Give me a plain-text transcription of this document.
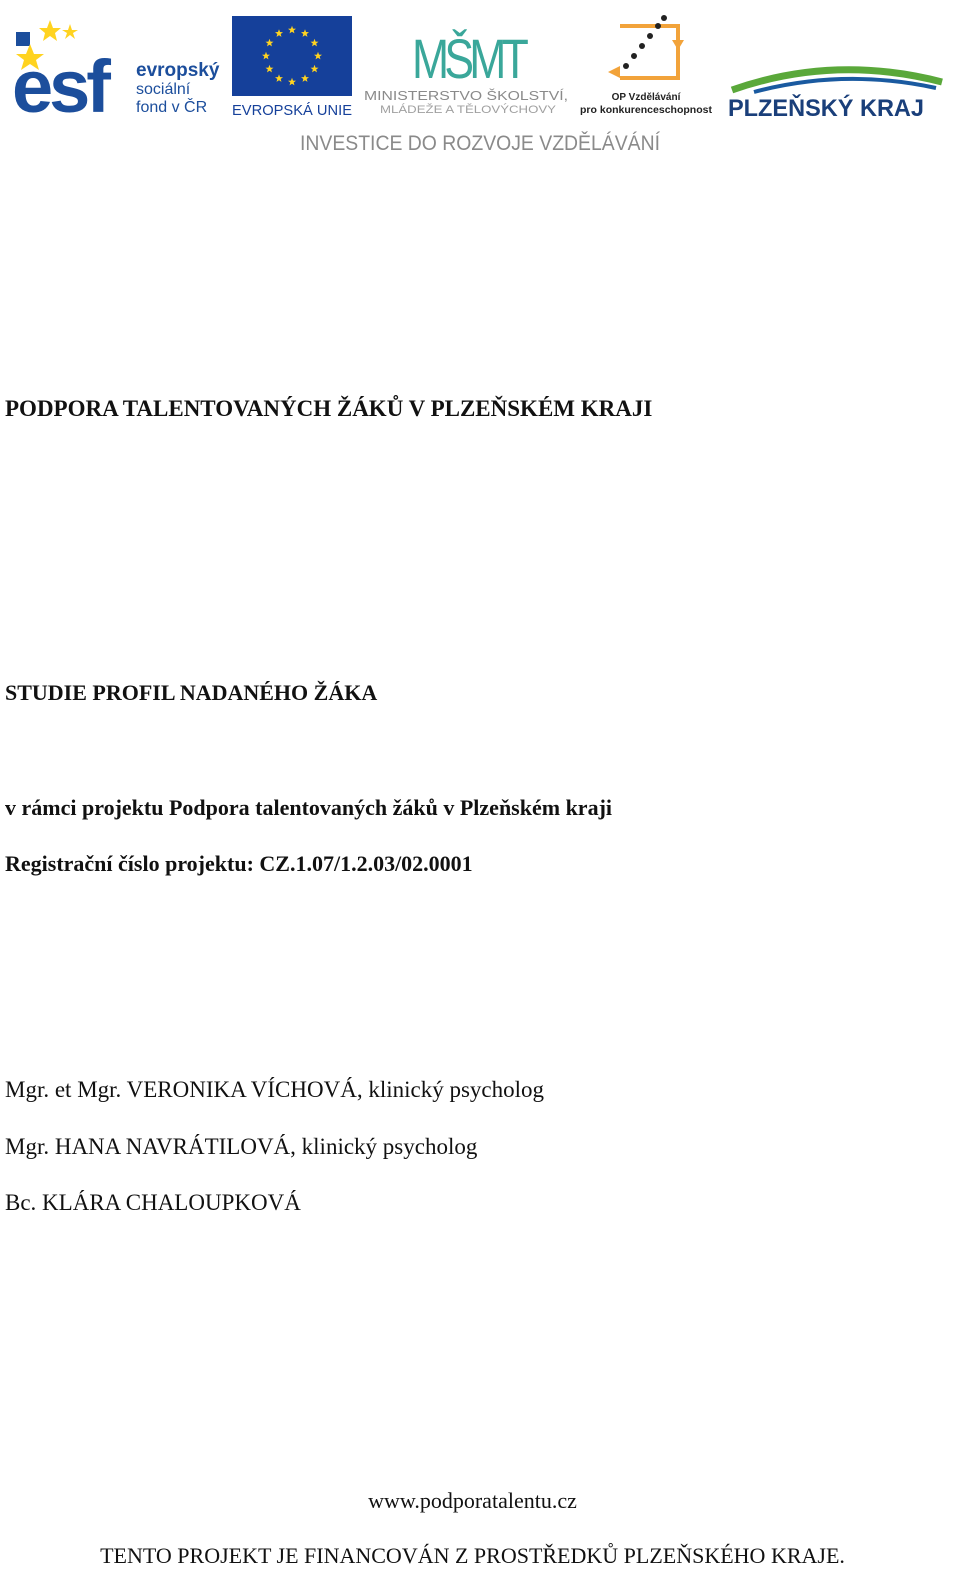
esf evropský
sociální
fond v ČR EVROPSKÁ UNIE
MŠMT
MINISTERSTVO ŠKOLSTVÍ,
MLÁDEŽE A TĚLOVÝCHOVY
OP Vzdělávání
pro konkurenceschopnost PLZEŇSKÝ KRAJ
INVESTICE DO ROZVOJE VZDĚLÁVÁNÍ
PODPORA TALENTOVANÝCH ŽÁKŮ V PLZEŇSKÉM KRAJI
STUDIE PROFIL NADANÉHO ŽÁKA
v rámci projektu Podpora talentovaných žáků v Plzeňském kraji
Registrační číslo projektu: CZ.1.07/1.2.03/02.0001
Mgr. et Mgr. VERONIKA VÍCHOVÁ, klinický psycholog
Mgr. HANA NAVRÁTILOVÁ, klinický psycholog
Bc. KLÁRA CHALOUPKOVÁ
www.podporatalentu.cz
TENTO PROJEKT JE FINANCOVÁN Z PROSTŘEDKŮ PLZEŇSKÉHO KRAJE.
